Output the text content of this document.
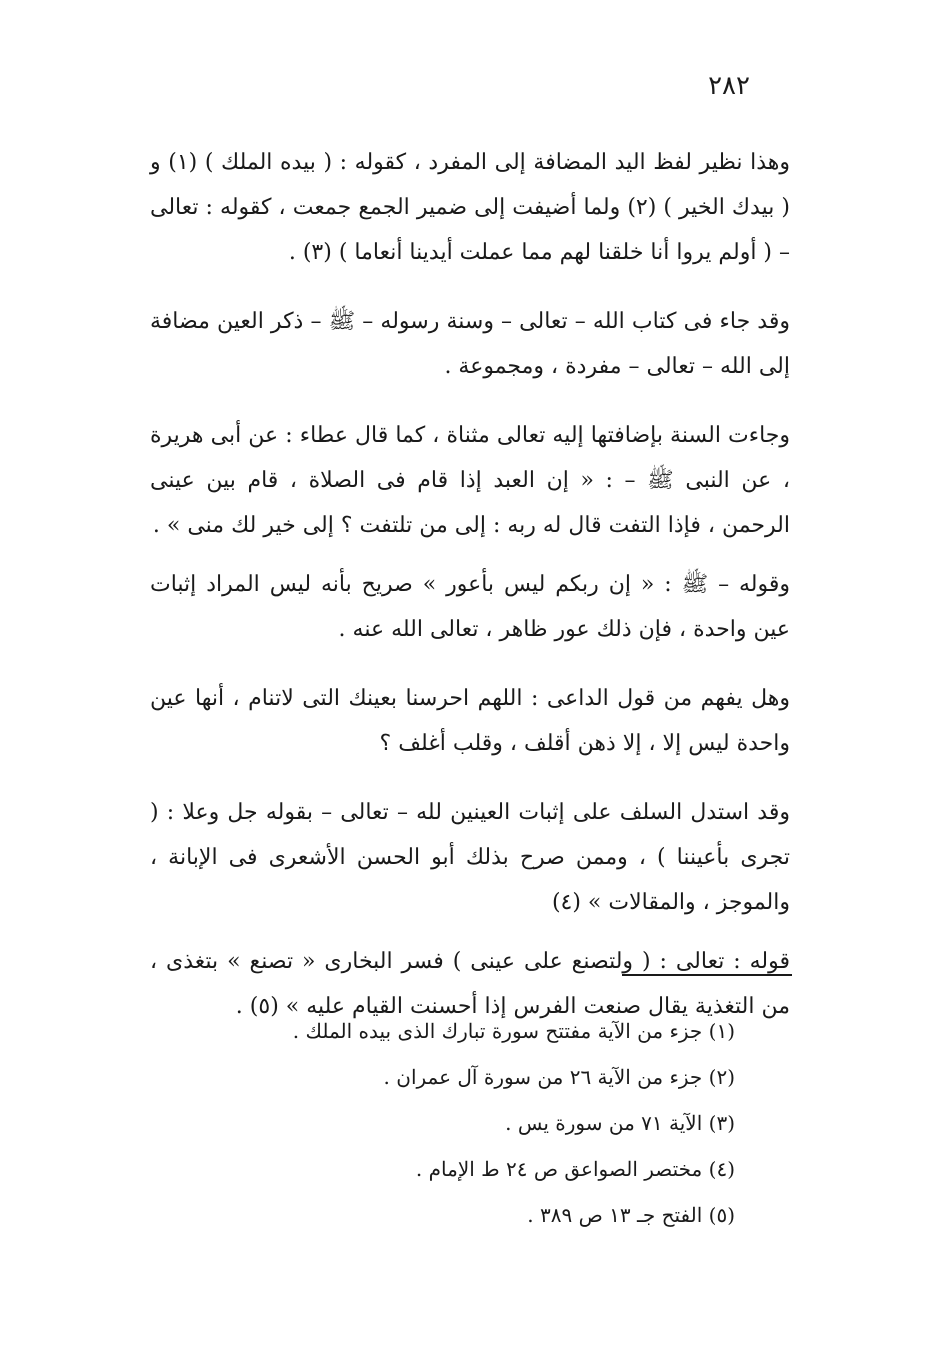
٢٨٢

وهذا نظير لفظ اليد المضافة إلى المفرد ، كقوله : ( بيده الملك ) (١) و ( بيدك الخير ) (٢) ولما أضيفت إلى ضمير الجمع جمعت ، كقوله : تعالى – ( أولم يروا أنا خلقنا لهم مما عملت أيدينا أنعاما ) (٣) .

وقد جاء فى كتاب الله – تعالى – وسنة رسوله – ﷺ – ذكر العين مضافة إلى الله – تعالى – مفردة ، ومجموعة .

وجاءت السنة بإضافتها إليه تعالى مثناة ، كما قال عطاء : عن أبى هريرة ، عن النبى ﷺ – : « إن العبد إذا قام فى الصلاة ، قام بين عينى الرحمن ، فإذا التفت قال له ربه : إلى من تلتفت ؟ إلى خير لك منى » .

وقوله – ﷺ : « إن ربكم ليس بأعور » صريح بأنه ليس المراد إثبات عين واحدة ، فإن ذلك عور ظاهر ، تعالى الله عنه .

وهل يفهم من قول الداعى : اللهم احرسنا بعينك التى لاتنام ، أنها عين واحدة ليس إلا ، إلا ذهن أقلف ، وقلب أغلف ؟

وقد استدل السلف على إثبات العينين لله – تعالى – بقوله جل وعلا : ( تجرى بأعيننا ) ، وممن صرح بذلك أبو الحسن الأشعرى فى الإبانة ، والموجز ، والمقالات » (٤)

قوله : تعالى : ( ولتصنع على عينى ) فسر البخارى « تصنع » بتغذى ، من التغذية يقال صنعت الفرس إذا أحسنت القيام عليه » (٥) .

(١) جزء من الآية مفتتح سورة تبارك الذى بيده الملك .

(٢) جزء من الآية ٢٦ من سورة آل عمران .

(٣) الآية ٧١ من سورة يس .

(٤) مختصر الصواعق ص ٢٤ ط الإمام .

(٥) الفتح جـ ١٣ ص ٣٨٩ .
